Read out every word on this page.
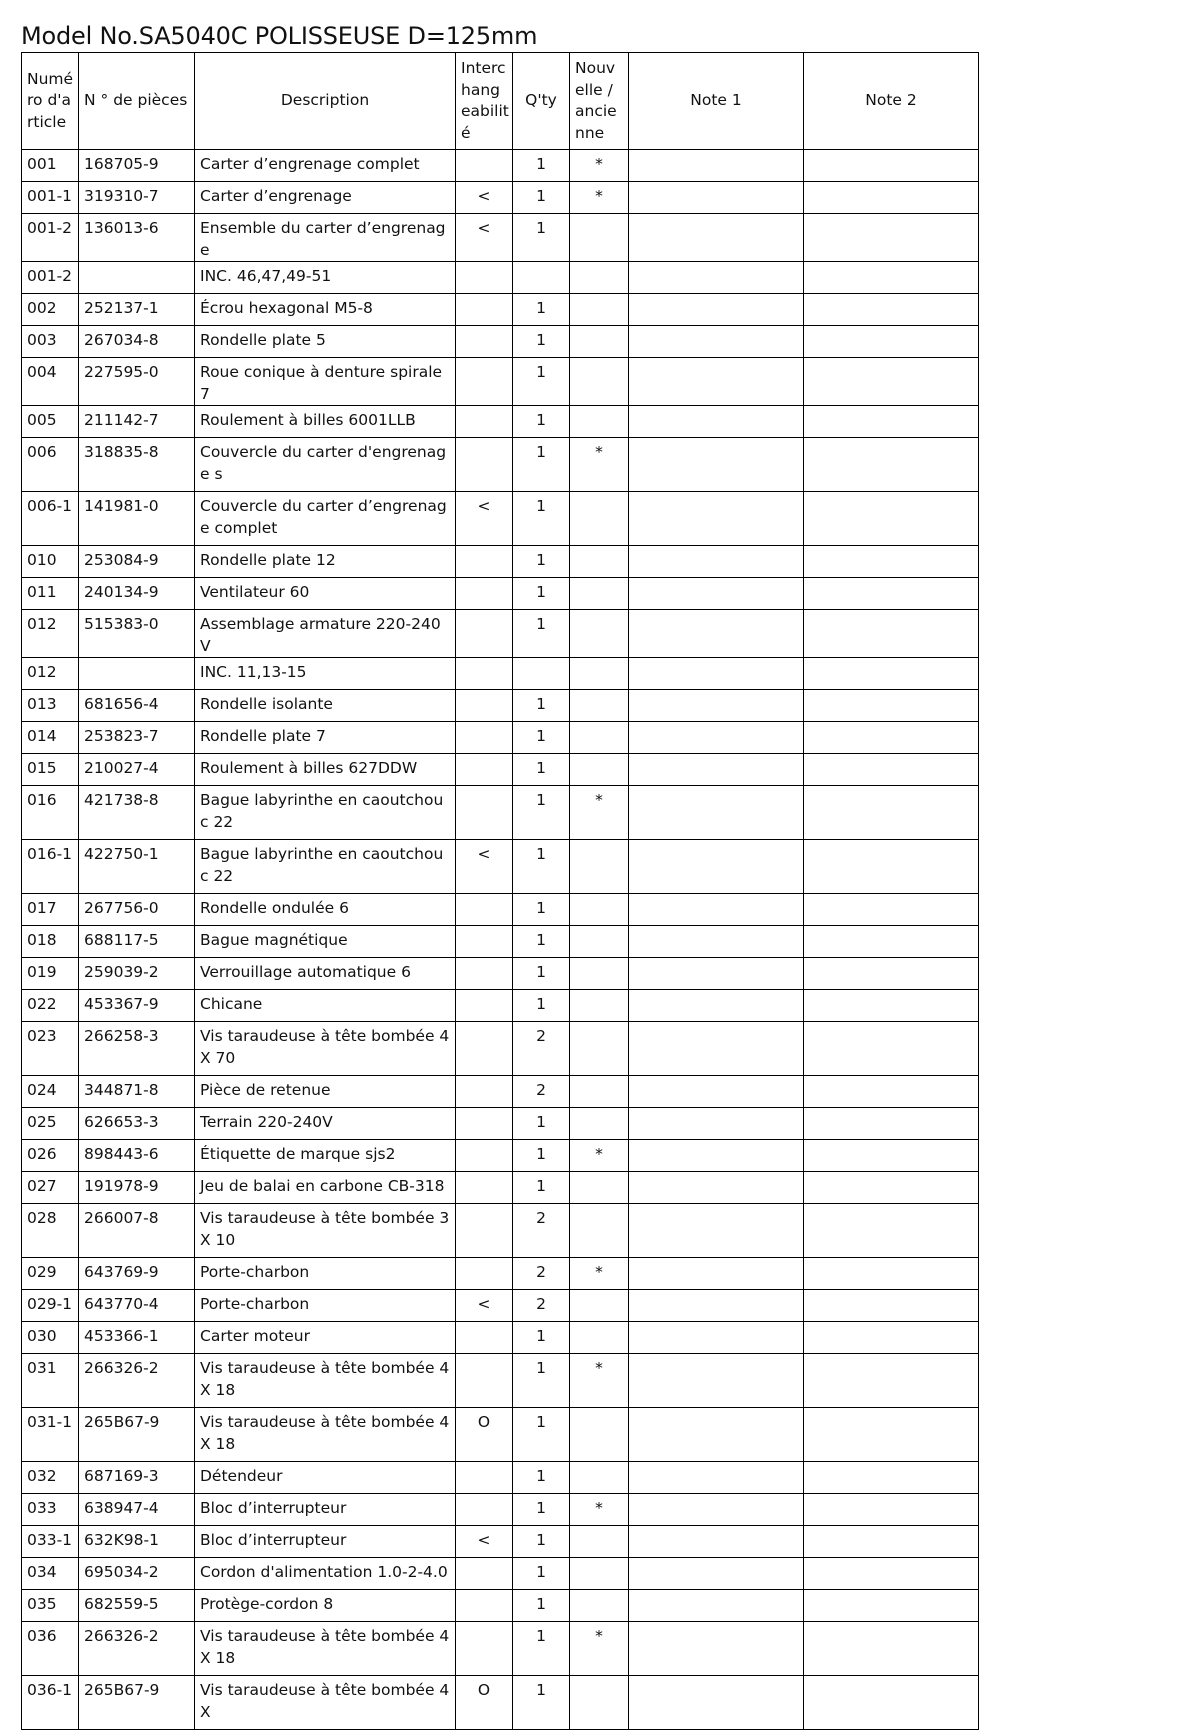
Model No.SA5040C POLISSEUSE D=125mm
Numé ro d'a rticle	N ° de pièces	Description	Interc hang eabilit é	Q'ty	Nouv elle / ancie nne	Note 1	Note 2
001	168705-9	Carter d’engrenage complet		1	*		
001-1	319310-7	Carter d’engrenage	<	1	*		
001-2	136013-6	Ensemble du carter d’engrenage	<	1			
001-2		INC. 46,47,49-51					
002	252137-1	Écrou hexagonal M5-8		1			
003	267034-8	Rondelle plate 5		1			
004	227595-0	Roue conique à denture spirale 7		1			
005	211142-7	Roulement à billes 6001LLB		1			
006	318835-8	Couvercle du carter d'engrenage s		1	*		
006-1	141981-0	Couvercle du carter d’engrenage complet	<	1			
010	253084-9	Rondelle plate 12		1			
011	240134-9	Ventilateur 60		1			
012	515383-0	Assemblage armature 220-240V		1			
012		INC. 11,13-15					
013	681656-4	Rondelle isolante		1			
014	253823-7	Rondelle plate 7		1			
015	210027-4	Roulement à billes 627DDW		1			
016	421738-8	Bague labyrinthe en caoutchouc 22		1	*		
016-1	422750-1	Bague labyrinthe en caoutchouc 22	<	1			
017	267756-0	Rondelle ondulée 6		1			
018	688117-5	Bague magnétique		1			
019	259039-2	Verrouillage automatique 6		1			
022	453367-9	Chicane		1			
023	266258-3	Vis taraudeuse à tête bombée 4X 70		2			
024	344871-8	Pièce de retenue		2			
025	626653-3	Terrain 220-240V		1			
026	898443-6	Étiquette de marque sjs2		1	*		
027	191978-9	Jeu de balai en carbone CB-318		1			
028	266007-8	Vis taraudeuse à tête bombée 3X 10		2			
029	643769-9	Porte-charbon		2	*		
029-1	643770-4	Porte-charbon	<	2			
030	453366-1	Carter moteur		1			
031	266326-2	Vis taraudeuse à tête bombée 4X 18		1	*		
031-1	265B67-9	Vis taraudeuse à tête bombée 4X 18	O	1			
032	687169-3	Détendeur		1			
033	638947-4	Bloc d’interrupteur		1	*		
033-1	632K98-1	Bloc d’interrupteur	<	1			
034	695034-2	Cordon d'alimentation 1.0-2-4.0		1			
035	682559-5	Protège-cordon 8		1			
036	266326-2	Vis taraudeuse à tête bombée 4X 18		1	*		
036-1	265B67-9	Vis taraudeuse à tête bombée 4X	O	1			
